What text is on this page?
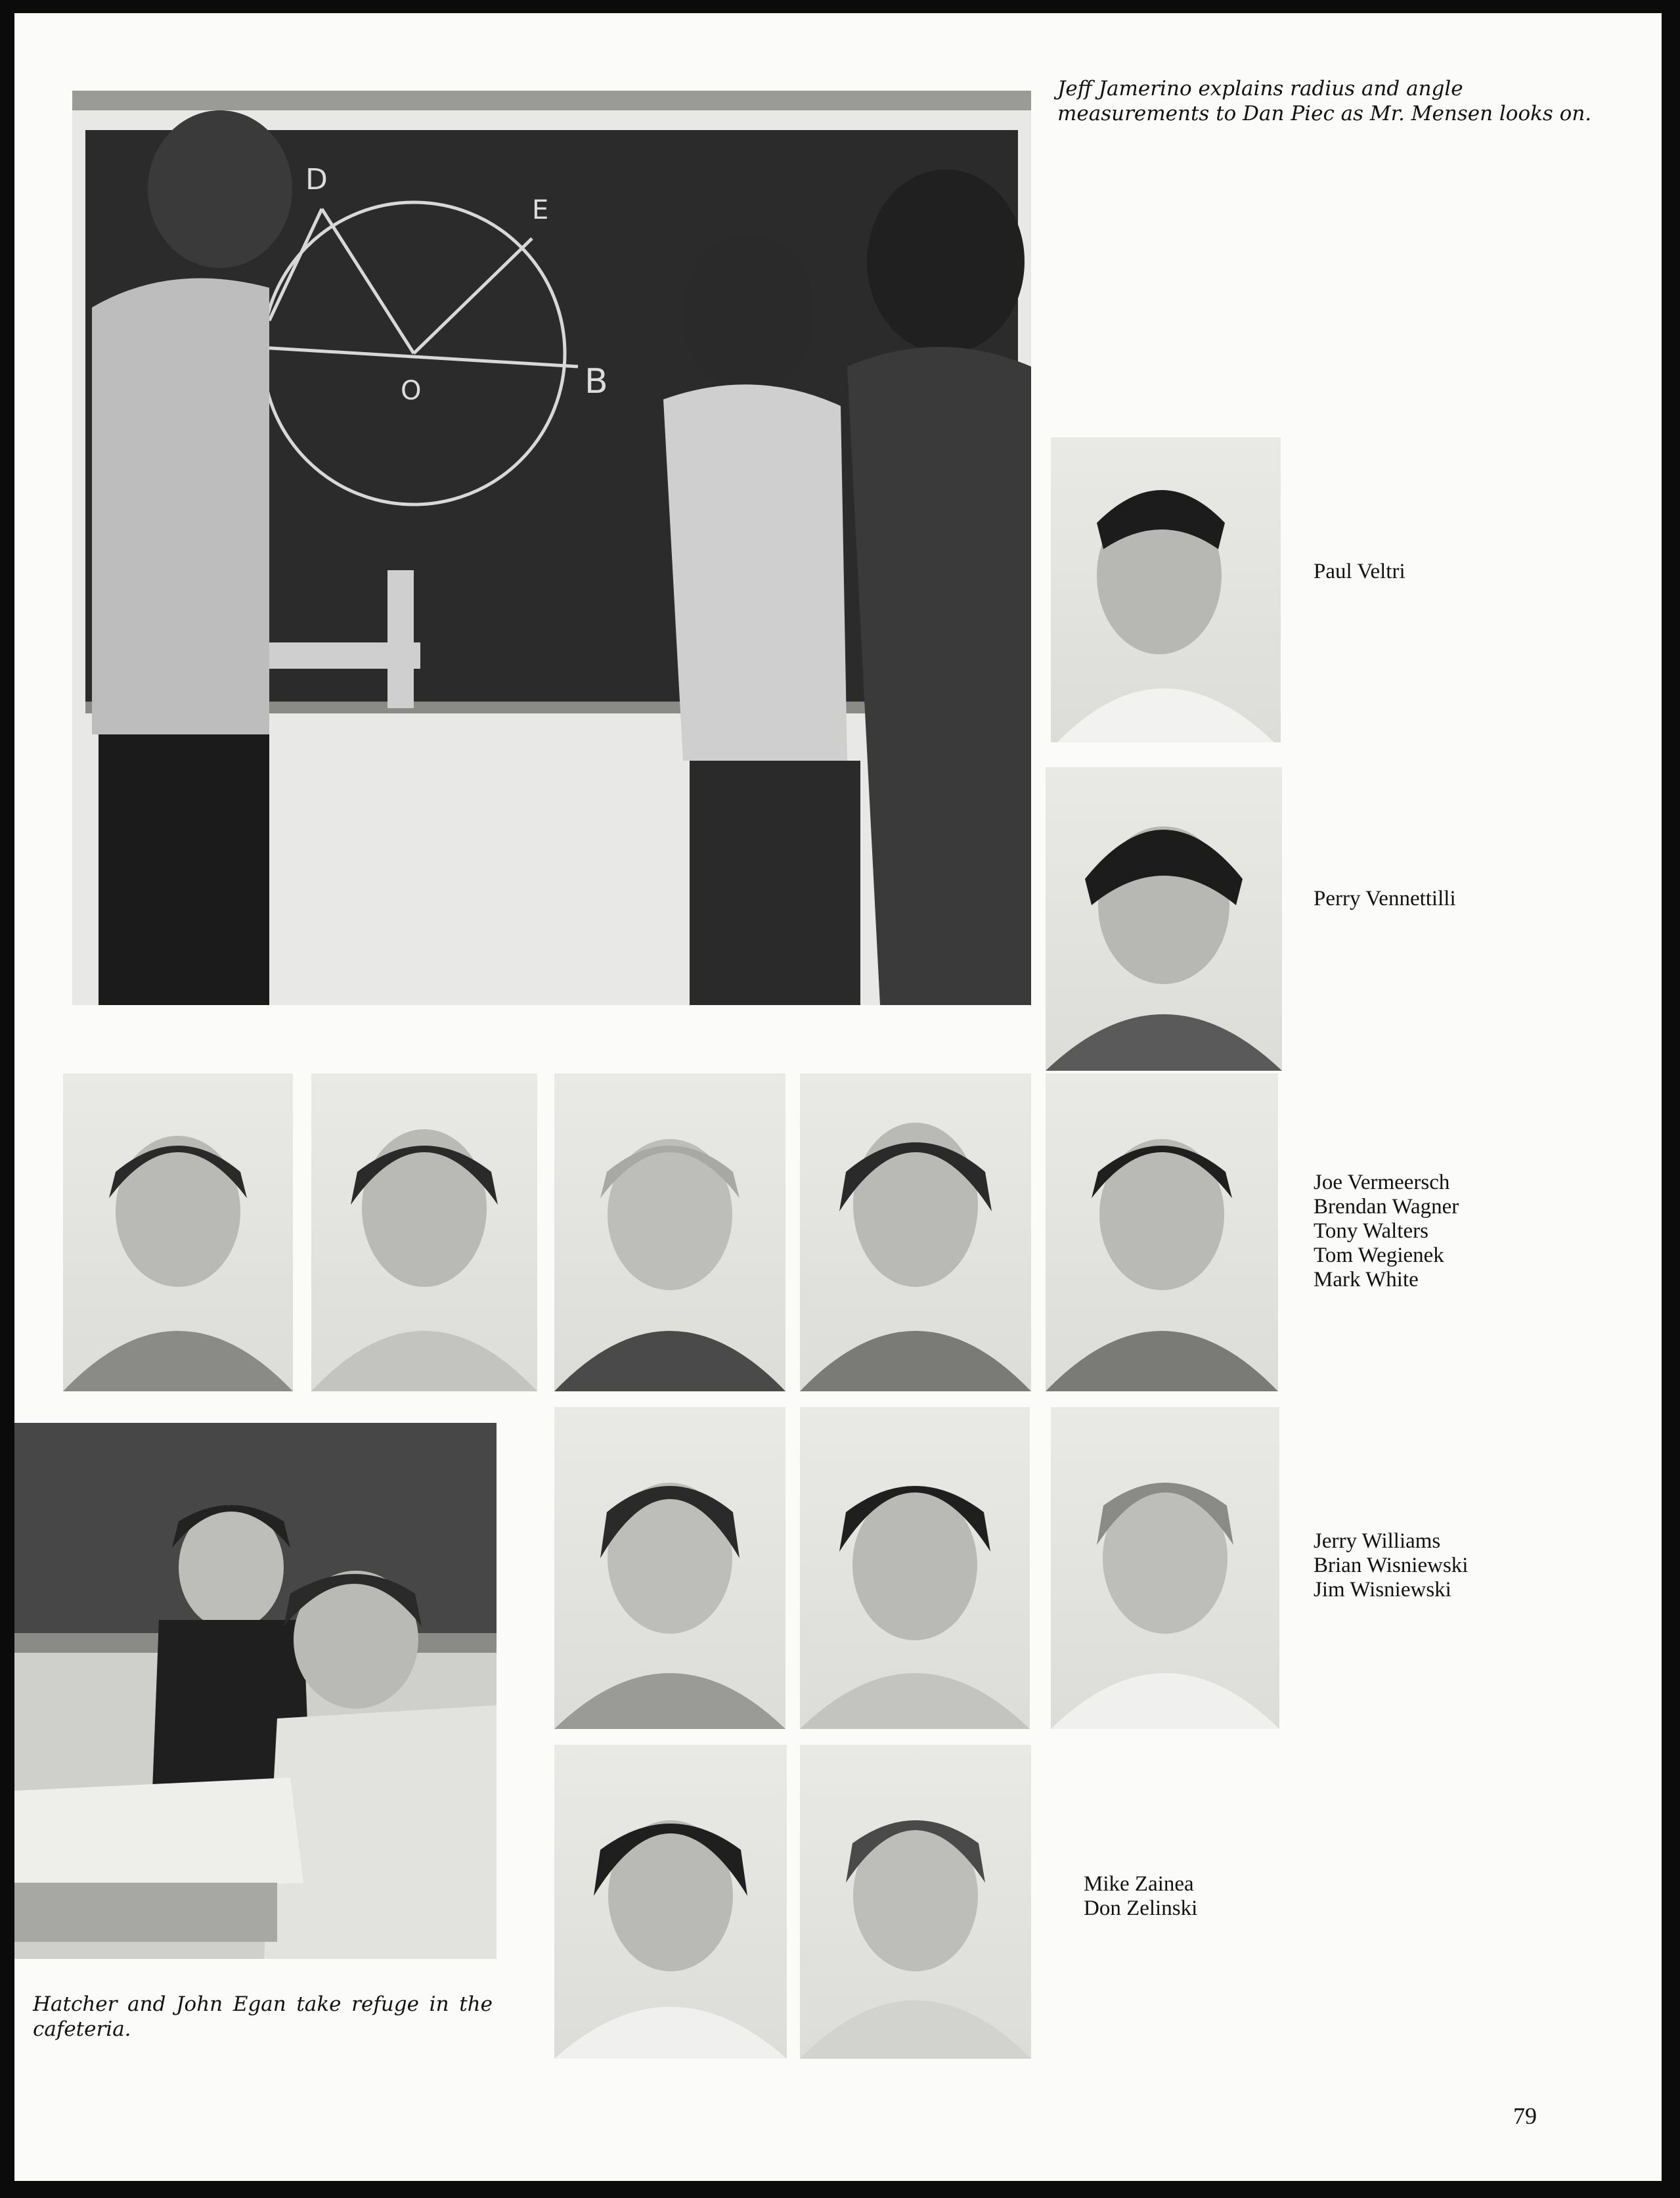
D
E
B
O
Jeff Jamerino explains radius and angle measurements to Dan Piec as Mr. Mensen looks on.
Paul Veltri
Perry Vennettilli
Joe Vermeersch
Brendan Wagner
Tony Walters
Tom Wegienek
Mark White
Hatcher and John Egan take refuge in the cafeteria.
Jerry Williams
Brian Wisniewski
Jim Wisniewski
Mike Zainea
Don Zelinski
79
